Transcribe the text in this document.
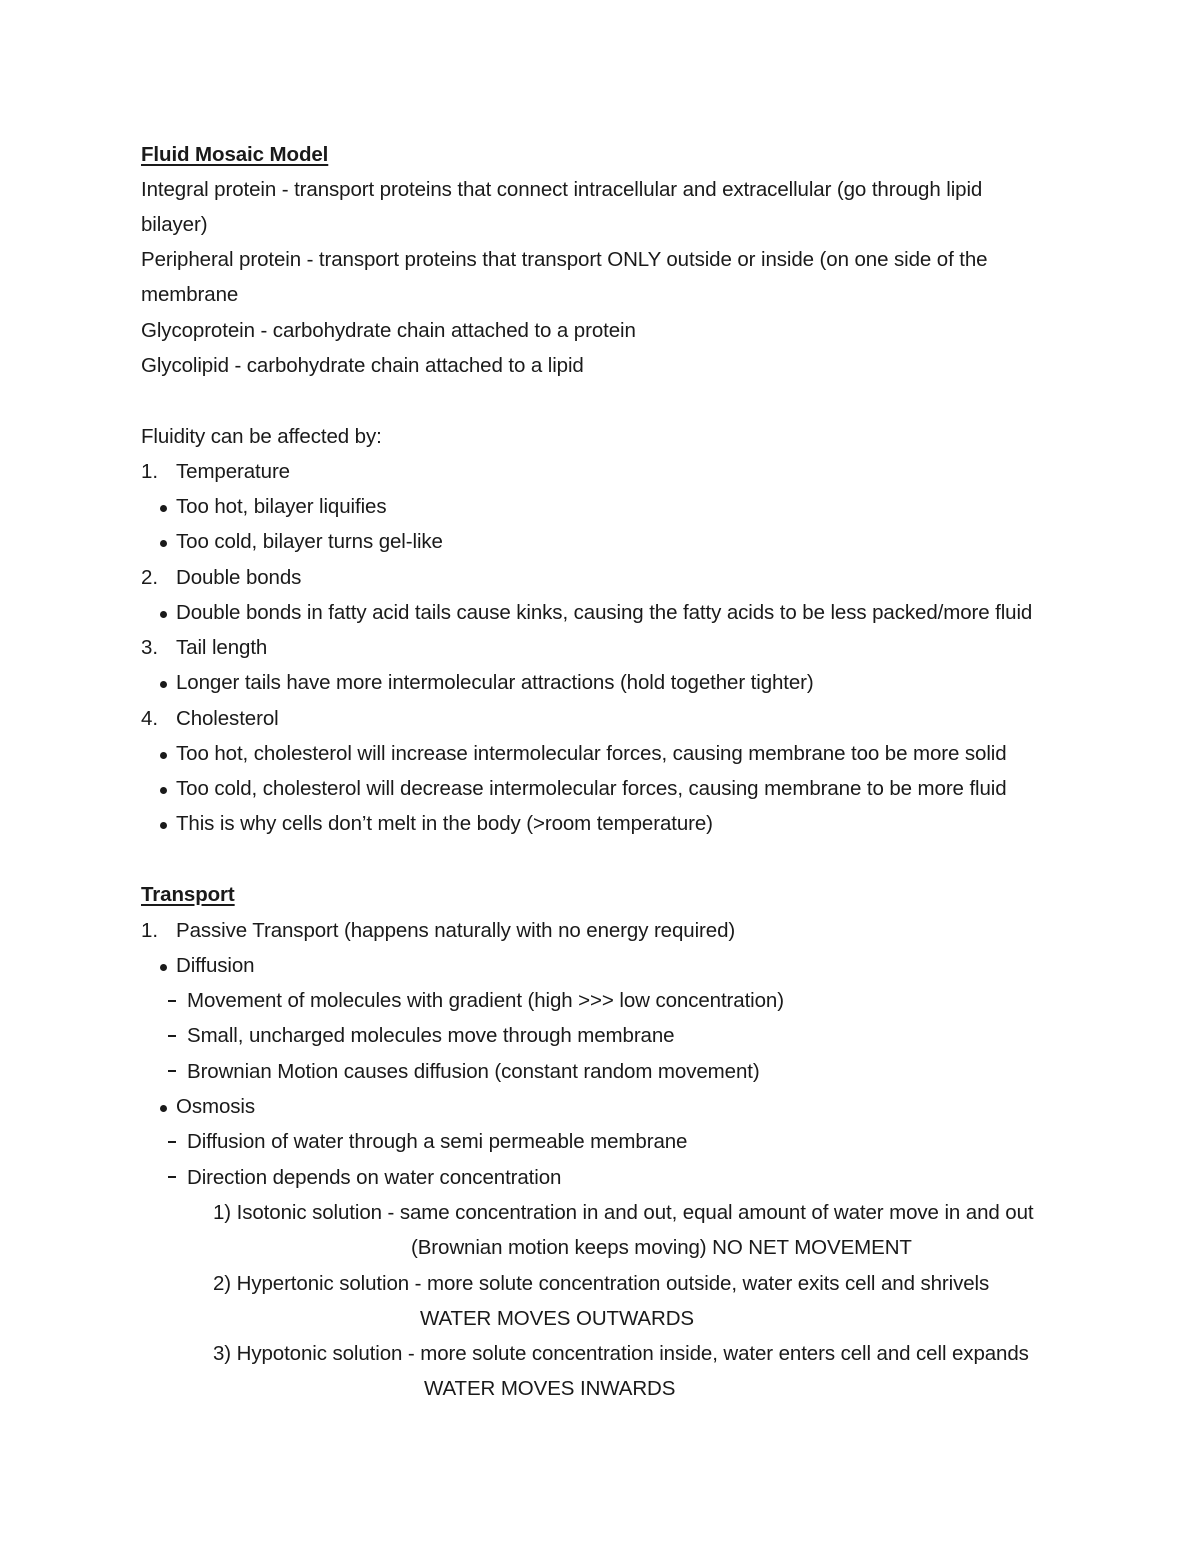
Fluid Mosaic Model
Integral protein - transport proteins that connect intracellular and extracellular (go through lipid
bilayer)
Peripheral protein - transport proteins that transport ONLY outside or inside (on one side of the
membrane
Glycoprotein - carbohydrate chain attached to a protein
Glycolipid - carbohydrate chain attached to a lipid
Fluidity can be affected by:
1. Temperature
Too hot, bilayer liquifies
Too cold, bilayer turns gel-like
2. Double bonds
Double bonds in fatty acid tails cause kinks, causing the fatty acids to be less packed/more fluid
3. Tail length
Longer tails have more intermolecular attractions (hold together tighter)
4. Cholesterol
Too hot, cholesterol will increase intermolecular forces, causing membrane too be more solid
Too cold, cholesterol will decrease intermolecular forces, causing membrane to be more fluid
This is why cells don’t melt in the body (>room temperature)
Transport
1. Passive Transport (happens naturally with no energy required)
Diffusion
Movement of molecules with gradient (high >>> low concentration)
Small, uncharged molecules move through membrane
Brownian Motion causes diffusion (constant random movement)
Osmosis
Diffusion of water through a semi permeable membrane
Direction depends on water concentration
1) Isotonic solution - same concentration in and out, equal amount of water move in and out
(Brownian motion keeps moving) NO NET MOVEMENT
2) Hypertonic solution - more solute concentration outside, water exits cell and shrivels
WATER MOVES OUTWARDS
3) Hypotonic solution - more solute concentration inside, water enters cell and cell expands
WATER MOVES INWARDS
